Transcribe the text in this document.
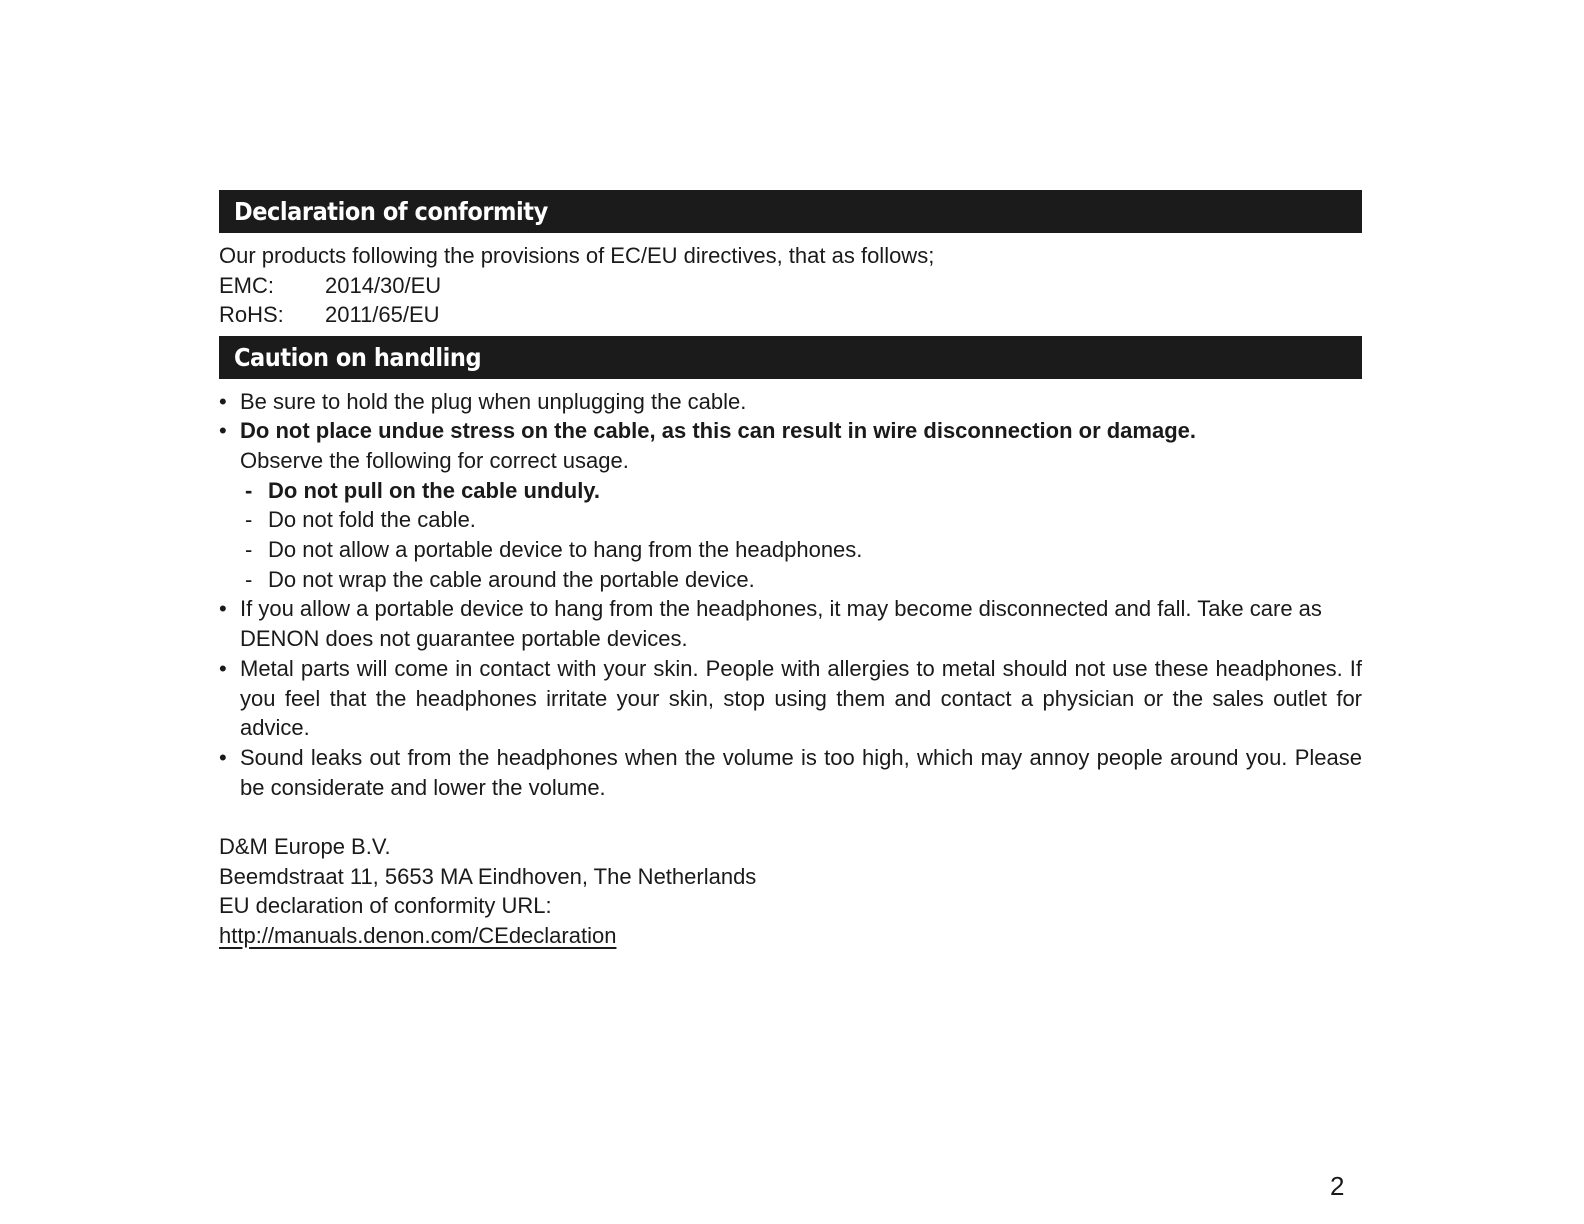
Declaration of conformity
Our products following the provisions of EC/EU directives, that as follows;
EMC:	2014/30/EU
RoHS:	2011/65/EU
Caution on handling
• Be sure to hold the plug when unplugging the cable.
• Do not place undue stress on the cable, as this can result in wire disconnection or damage.
Observe the following for correct usage.
- Do not pull on the cable unduly.
- Do not fold the cable.
- Do not allow a portable device to hang from the headphones.
- Do not wrap the cable around the portable device.
• If you allow a portable device to hang from the headphones, it may become disconnected and fall. Take care as DENON does not guarantee portable devices.
• Metal parts will come in contact with your skin. People with allergies to metal should not use these headphones. If you feel that the headphones irritate your skin, stop using them and contact a physician or the sales outlet for advice.
• Sound leaks out from the headphones when the volume is too high, which may annoy people around you. Please be considerate and lower the volume.
D&M Europe B.V.
Beemdstraat 11, 5653 MA Eindhoven, The Netherlands
EU declaration of conformity URL:
http://manuals.denon.com/CEdeclaration
2
